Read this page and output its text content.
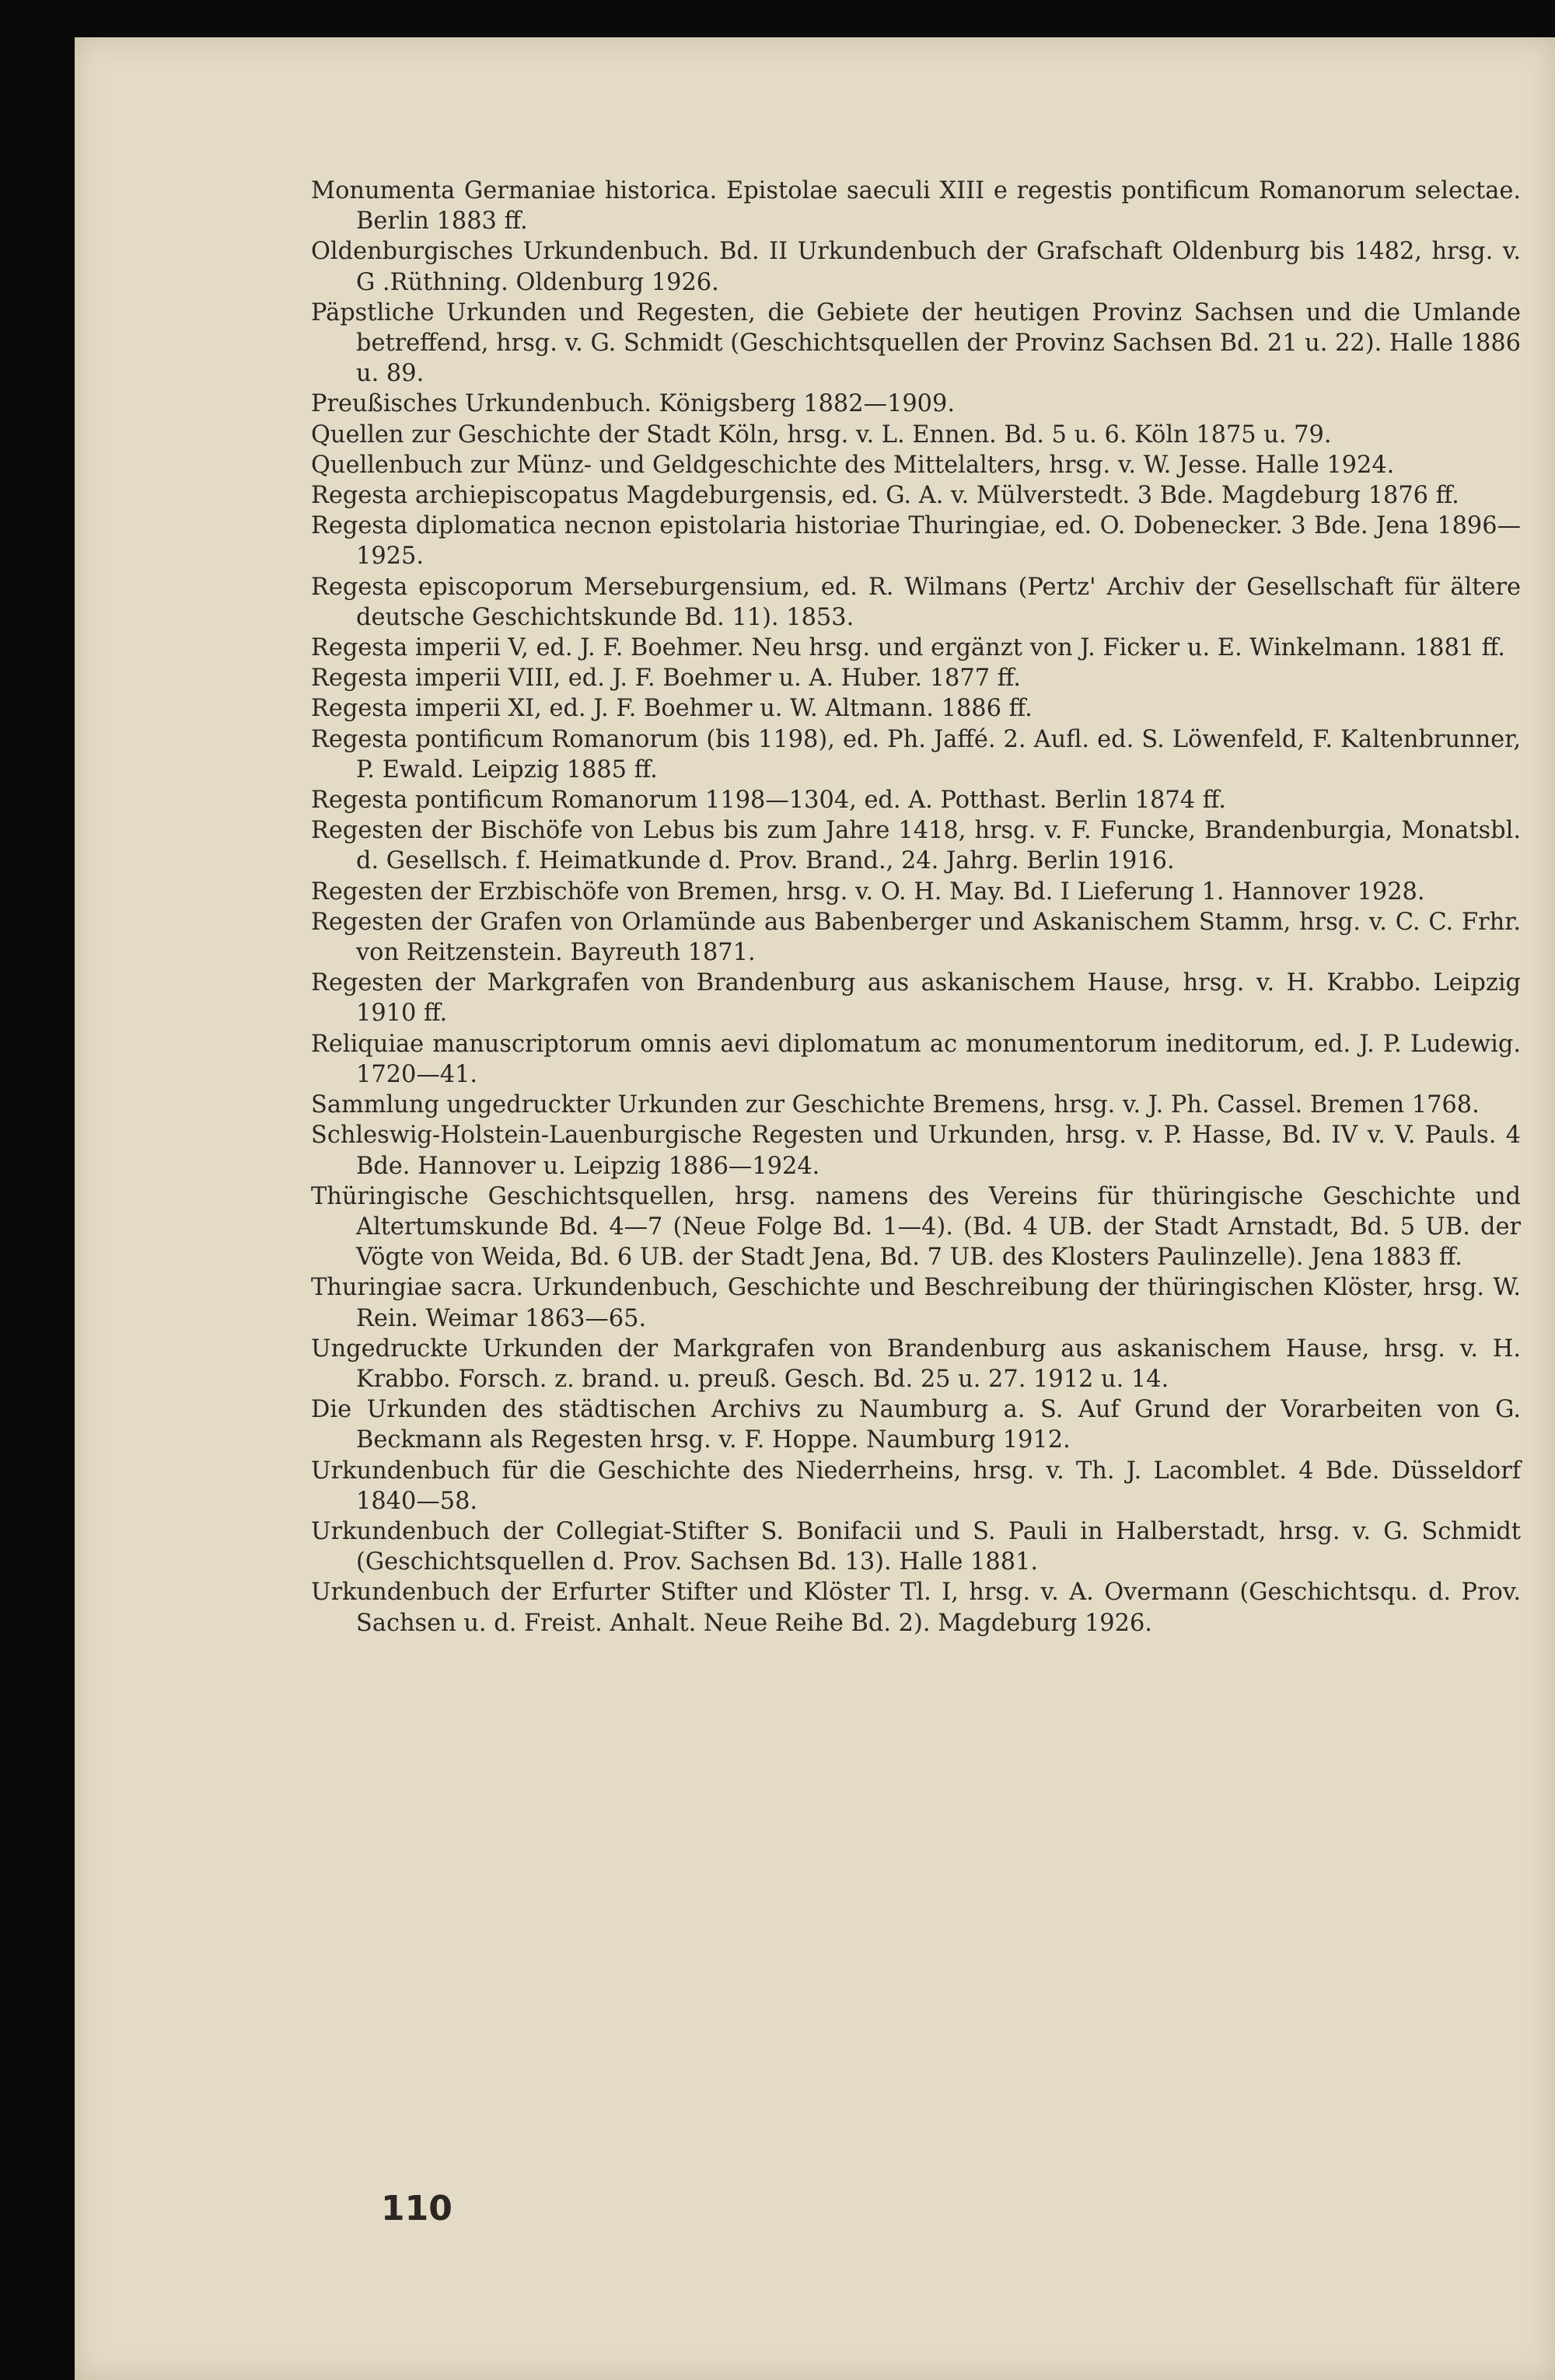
Monumenta Germaniae historica. Epistolae saeculi XIII e regestis pontificum Romanorum selectae. Berlin 1883 ff.
Oldenburgisches Urkundenbuch. Bd. II Urkundenbuch der Grafschaft Oldenburg bis 1482, hrsg. v. G .Rüthning. Oldenburg 1926.
Päpstliche Urkunden und Regesten, die Gebiete der heutigen Provinz Sachsen und die Umlande betreffend, hrsg. v. G. Schmidt (Geschichtsquellen der Provinz Sachsen Bd. 21 u. 22). Halle 1886 u. 89.
Preußisches Urkundenbuch. Königsberg 1882—1909.
Quellen zur Geschichte der Stadt Köln, hrsg. v. L. Ennen. Bd. 5 u. 6. Köln 1875 u. 79.
Quellenbuch zur Münz- und Geldgeschichte des Mittelalters, hrsg. v. W. Jesse. Halle 1924.
Regesta archiepiscopatus Magdeburgensis, ed. G. A. v. Mülverstedt. 3 Bde. Magdeburg 1876 ff.
Regesta diplomatica necnon epistolaria historiae Thuringiae, ed. O. Dobenecker. 3 Bde. Jena 1896—1925.
Regesta episcoporum Merseburgensium, ed. R. Wilmans (Pertz' Archiv der Gesellschaft für ältere deutsche Geschichtskunde Bd. 11). 1853.
Regesta imperii V, ed. J. F. Boehmer. Neu hrsg. und ergänzt von J. Ficker u. E. Winkelmann. 1881 ff.
Regesta imperii VIII, ed. J. F. Boehmer u. A. Huber. 1877 ff.
Regesta imperii XI, ed. J. F. Boehmer u. W. Altmann. 1886 ff.
Regesta pontificum Romanorum (bis 1198), ed. Ph. Jaffé. 2. Aufl. ed. S. Löwenfeld, F. Kaltenbrunner, P. Ewald. Leipzig 1885 ff.
Regesta pontificum Romanorum 1198—1304, ed. A. Potthast. Berlin 1874 ff.
Regesten der Bischöfe von Lebus bis zum Jahre 1418, hrsg. v. F. Funcke, Brandenburgia, Monatsbl. d. Gesellsch. f. Heimatkunde d. Prov. Brand., 24. Jahrg. Berlin 1916.
Regesten der Erzbischöfe von Bremen, hrsg. v. O. H. May. Bd. I Lieferung 1. Hannover 1928.
Regesten der Grafen von Orlamünde aus Babenberger und Askanischem Stamm, hrsg. v. C. C. Frhr. von Reitzenstein. Bayreuth 1871.
Regesten der Markgrafen von Brandenburg aus askanischem Hause, hrsg. v. H. Krabbo. Leipzig 1910 ff.
Reliquiae manuscriptorum omnis aevi diplomatum ac monumentorum ineditorum, ed. J. P. Ludewig. 1720—41.
Sammlung ungedruckter Urkunden zur Geschichte Bremens, hrsg. v. J. Ph. Cassel. Bremen 1768.
Schleswig-Holstein-Lauenburgische Regesten und Urkunden, hrsg. v. P. Hasse, Bd. IV v. V. Pauls. 4 Bde. Hannover u. Leipzig 1886—1924.
Thüringische Geschichtsquellen, hrsg. namens des Vereins für thüringische Geschichte und Altertumskunde Bd. 4—7 (Neue Folge Bd. 1—4). (Bd. 4 UB. der Stadt Arnstadt, Bd. 5 UB. der Vögte von Weida, Bd. 6 UB. der Stadt Jena, Bd. 7 UB. des Klosters Paulinzelle). Jena 1883 ff.
Thuringiae sacra. Urkundenbuch, Geschichte und Beschreibung der thüringischen Klöster, hrsg. W. Rein. Weimar 1863—65.
Ungedruckte Urkunden der Markgrafen von Brandenburg aus askanischem Hause, hrsg. v. H. Krabbo. Forsch. z. brand. u. preuß. Gesch. Bd. 25 u. 27. 1912 u. 14.
Die Urkunden des städtischen Archivs zu Naumburg a. S. Auf Grund der Vorarbeiten von G. Beckmann als Regesten hrsg. v. F. Hoppe. Naumburg 1912.
Urkundenbuch für die Geschichte des Niederrheins, hrsg. v. Th. J. Lacomblet. 4 Bde. Düsseldorf 1840—58.
Urkundenbuch der Collegiat-Stifter S. Bonifacii und S. Pauli in Halberstadt, hrsg. v. G. Schmidt (Geschichtsquellen d. Prov. Sachsen Bd. 13). Halle 1881.
Urkundenbuch der Erfurter Stifter und Klöster Tl. I, hrsg. v. A. Overmann (Geschichtsqu. d. Prov. Sachsen u. d. Freist. Anhalt. Neue Reihe Bd. 2). Magdeburg 1926.
110
